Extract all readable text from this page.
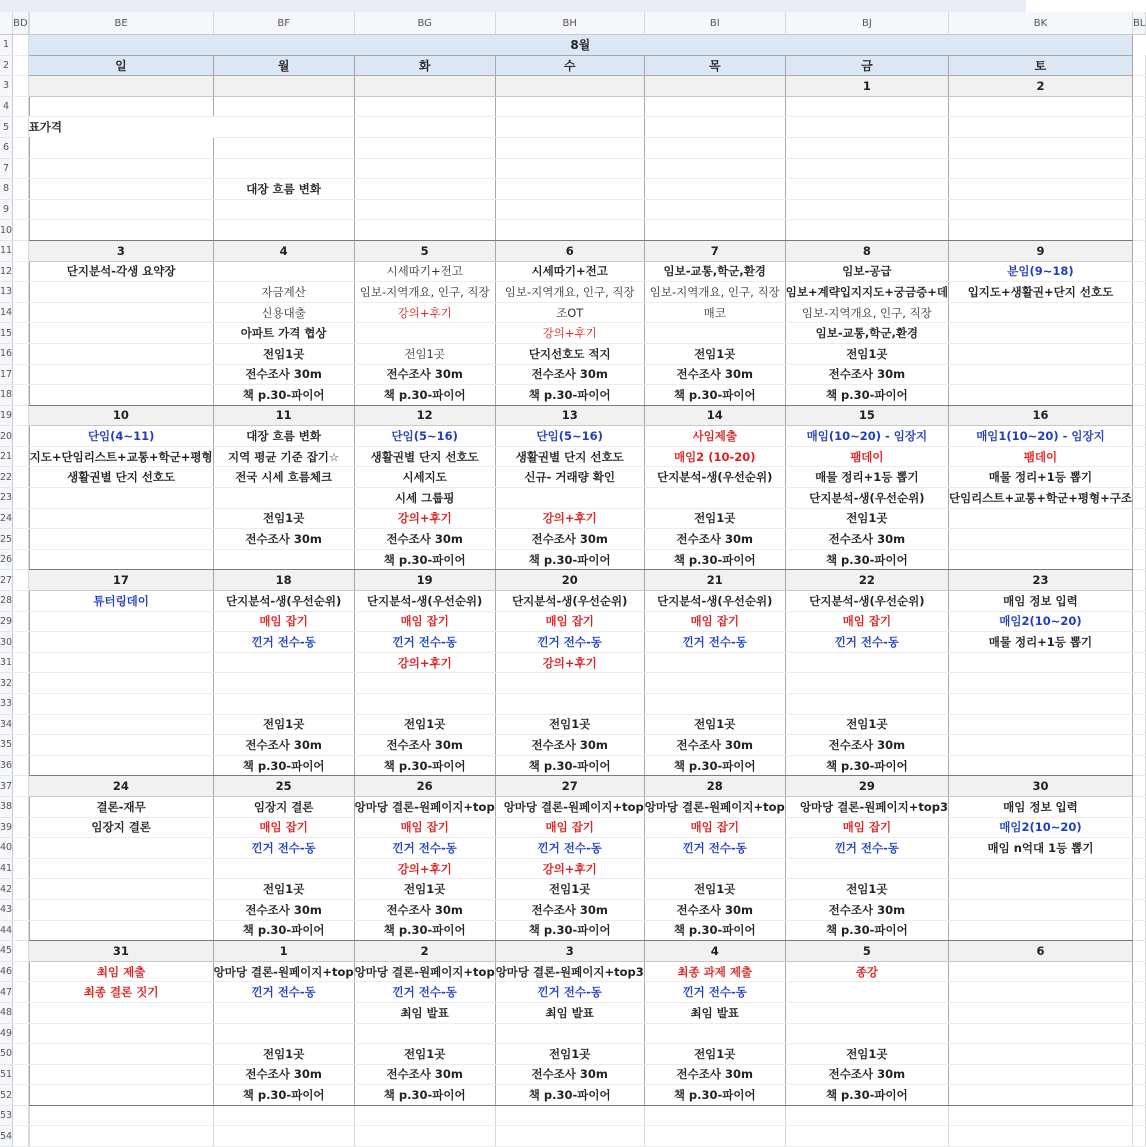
	BD		BE	BF	BG	BH	BI	BJ	BK	BL
1		8월							
2			일	월	화	수	목	금	토	
3								1	2	
4										
5		표가격							
6										
7										
8				대장 흐름 변화						
9										
10										
11			3	4	5	6	7	8	9	
12			단지분석-각생 요약장		시세따기+전고	시세따기+전고	임보-교통,학군,환경	임보-공급	분임(9~18)	
13				자금계산	임보-지역개요, 인구, 직장	임보-지역개요, 인구, 직장	임보-지역개요, 인구, 직장	임보+계략입지지도+궁금증+데	입지도+생활권+단지 선호도	
14				신용대출	강의+후기	조OT	매코	임보-지역개요, 인구, 직장		
15				아파트 가격 협상		강의+후기		임보-교통,학군,환경		
16				전임1곳	전임1곳	단지선호도 적지	전임1곳	전임1곳		
17				전수조사 30m	전수조사 30m	전수조사 30m	전수조사 30m	전수조사 30m		
18				책 p.30-파이어	책 p.30-파이어	책 p.30-파이어	책 p.30-파이어	책 p.30-파이어		
19			10	11	12	13	14	15	16	
20			단임(4~11)	대장 흐름 변화	단임(5~16)	단임(5~16)	사임제출	매임(10~20) - 임장지	매임1(10~20) - 임장지	
21			지도+단임리스트+교통+학군+평형	지역 평균 기준 잡기☆	생활권별 단지 선호도	생활권별 단지 선호도	매임2 (10-20)	팸데이	팸데이	
22			생활권별 단지 선호도	전국 시세 흐름체크	시세지도	신규- 거래량 확인	단지분석-생(우선순위)	매물 정리+1등 뽑기	매물 정리+1등 뽑기	
23					시세 그룹핑			단지분석-생(우선순위)	단임리스트+교통+학군+평형+구조	
24				전임1곳	강의+후기	강의+후기	전임1곳	전임1곳		
25				전수조사 30m	전수조사 30m	전수조사 30m	전수조사 30m	전수조사 30m		
26					책 p.30-파이어	책 p.30-파이어	책 p.30-파이어	책 p.30-파이어		
27			17	18	19	20	21	22	23	
28			튜터링데이	단지분석-생(우선순위)	단지분석-생(우선순위)	단지분석-생(우선순위)	단지분석-생(우선순위)	단지분석-생(우선순위)	매임 정보 입력	
29				매임 잡기	매임 잡기	매임 잡기	매임 잡기	매임 잡기	매임2(10~20)	
30				낀거 전수-동	낀거 전수-동	낀거 전수-동	낀거 전수-동	낀거 전수-동	매물 정리+1등 뽑기	
31					강의+후기	강의+후기				
32										
33										
34				전임1곳	전임1곳	전임1곳	전임1곳	전임1곳		
35				전수조사 30m	전수조사 30m	전수조사 30m	전수조사 30m	전수조사 30m		
36				책 p.30-파이어	책 p.30-파이어	책 p.30-파이어	책 p.30-파이어	책 p.30-파이어		
37			24	25	26	27	28	29	30	
38			결론-재무	임장지 결론	앙마당 결론-원페이지+top	앙마당 결론-원페이지+top	앙마당 결론-원페이지+top	앙마당 결론-원페이지+top3	매임 정보 입력	
39			임장지 결론	매임 잡기	매임 잡기	매임 잡기	매임 잡기	매임 잡기	매임2(10~20)	
40				낀거 전수-동	낀거 전수-동	낀거 전수-동	낀거 전수-동	낀거 전수-동	매임 n억대 1등 뽑기	
41					강의+후기	강의+후기				
42				전임1곳	전임1곳	전임1곳	전임1곳	전임1곳		
43				전수조사 30m	전수조사 30m	전수조사 30m	전수조사 30m	전수조사 30m		
44				책 p.30-파이어	책 p.30-파이어	책 p.30-파이어	책 p.30-파이어	책 p.30-파이어		
45			31	1	2	3	4	5	6	
46			최임 제출	앙마당 결론-원페이지+top	앙마당 결론-원페이지+top	앙마당 결론-원페이지+top3	최종 과제 제출	종강		
47			최종 결론 짓기	낀거 전수-동	낀거 전수-동	낀거 전수-동	낀거 전수-동			
48					최임 발표	최임 발표	최임 발표			
49										
50				전임1곳	전임1곳	전임1곳	전임1곳	전임1곳		
51				전수조사 30m	전수조사 30m	전수조사 30m	전수조사 30m	전수조사 30m		
52				책 p.30-파이어	책 p.30-파이어	책 p.30-파이어	책 p.30-파이어	책 p.30-파이어		
53										
54										
